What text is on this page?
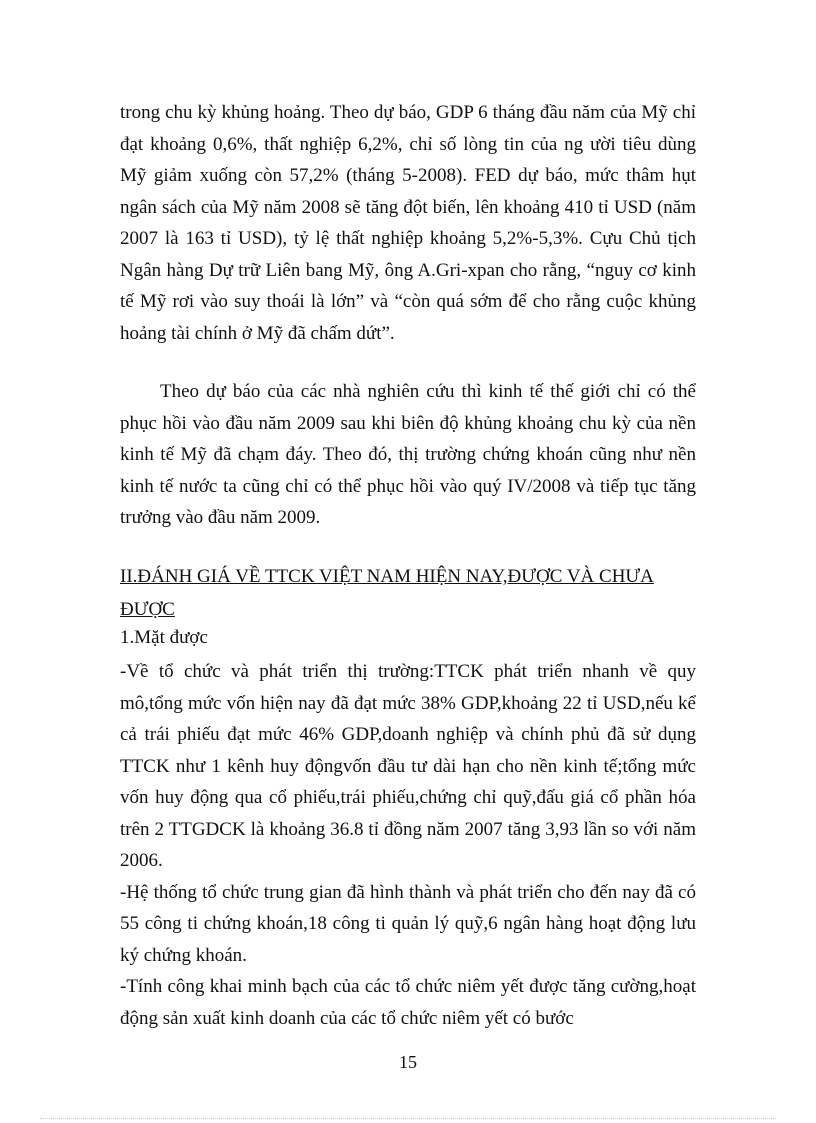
trong chu kỳ khủng hoảng. Theo dự báo, GDP 6 tháng đầu năm của Mỹ chỉ đạt khoảng 0,6%, thất nghiệp 6,2%, chỉ số lòng tin của ng ười tiêu dùng Mỹ giảm xuống còn 57,2% (tháng 5-2008). FED dự báo, mức thâm hụt ngân sách của Mỹ năm 2008 sẽ tăng đột biến, lên khoảng 410 tỉ USD (năm 2007 là 163 tỉ USD), tỷ lệ thất nghiệp khoảng 5,2%-5,3%. Cựu Chủ tịch Ngân hàng Dự trữ Liên bang Mỹ, ông A.Gri-xpan cho rằng, “nguy cơ kinh tế Mỹ rơi vào suy thoái là lớn” và “còn quá sớm để cho rằng cuộc khủng hoảng tài chính ở Mỹ đã chấm dứt”.

Theo dự báo của các nhà nghiên cứu thì kinh tế thế giới chỉ có thể phục hồi vào đầu năm 2009 sau khi biên độ khủng khoảng chu kỳ của nền kinh tế Mỹ đã chạm đáy. Theo đó, thị trường chứng khoán cũng như nền kinh tế nước ta cũng chỉ có thể phục hồi vào quý IV/2008 và tiếp tục tăng trưởng vào đầu năm 2009.

II.ĐÁNH GIÁ VỀ TTCK VIỆT NAM HIỆN NAY,ĐƯỢC VÀ CHƯA ĐƯỢC
1.Mặt được

-Về tổ chức và phát triển thị trường:TTCK phát triển nhanh về quy mô,tổng mức vốn hiện nay đã đạt mức 38% GDP,khoảng 22 tỉ USD,nếu kể cả trái phiếu đạt mức 46% GDP,doanh nghiệp và chính phủ đã sử dụng TTCK như 1 kênh huy độngvốn đầu tư dài hạn cho nền kinh tế;tổng mức vốn huy động qua cổ phiếu,trái phiếu,chứng chỉ quỹ,đấu giá cổ phần hóa trên 2 TTGDCK là khoảng 36.8 tỉ đồng năm 2007 tăng 3,93 lần so với năm 2006.

-Hệ thống tổ chức trung gian đã hình thành và phát triển cho đến nay đã có 55 công ti chứng khoán,18 công ti quản lý quỹ,6 ngân hàng hoạt động lưu ký chứng khoán.

-Tính công khai minh bạch của các tổ chức niêm yết được tăng cường,hoạt động sản xuất kinh doanh của các tổ chức niêm yết có bước

15
